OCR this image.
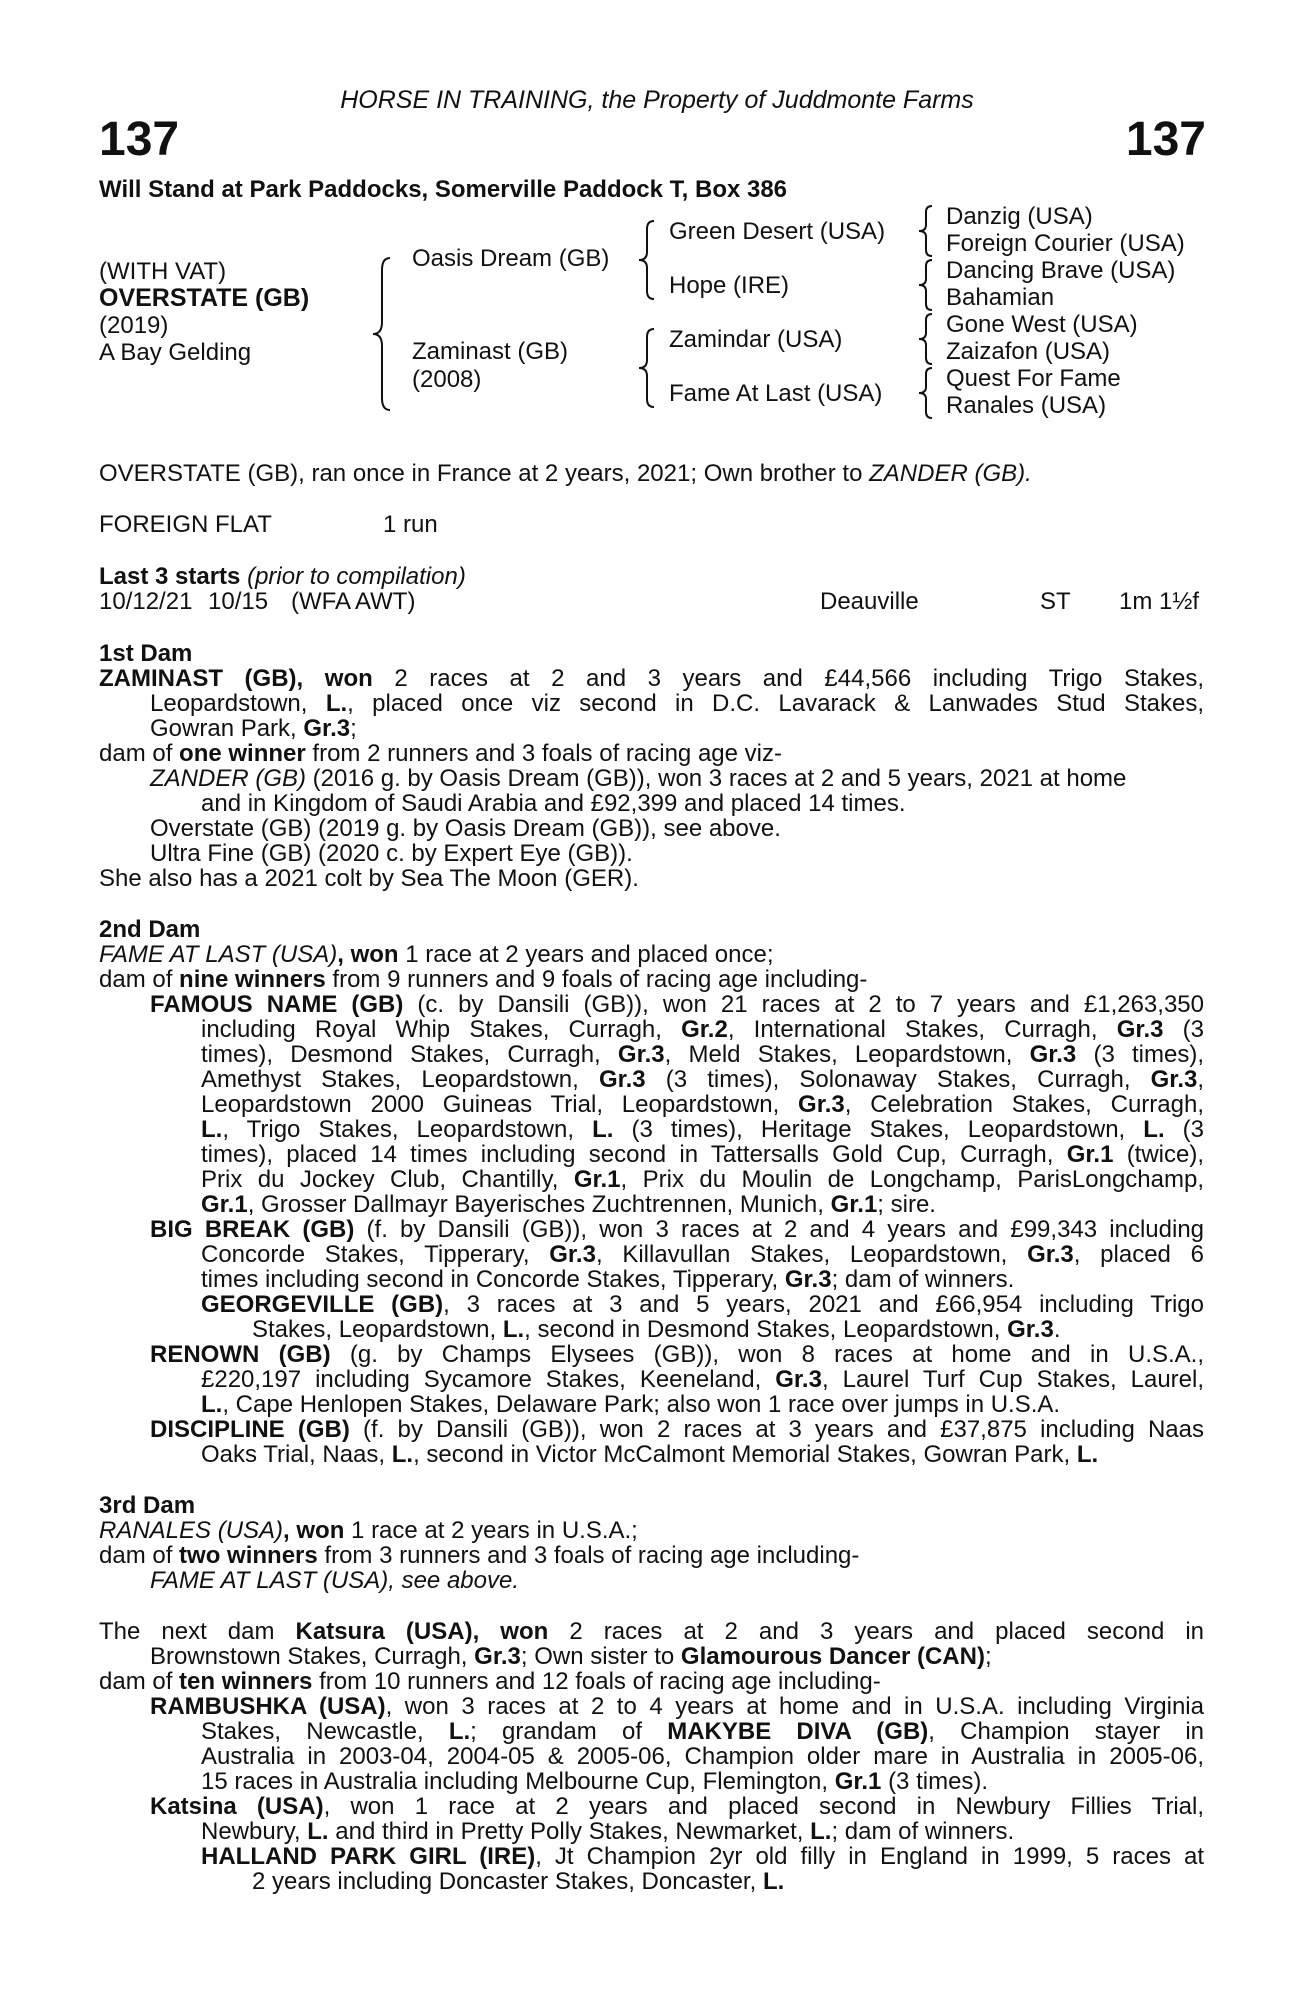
HORSE IN TRAINING, the Property of Juddmonte Farms
137	137
Will Stand at Park Paddocks, Somerville Paddock T, Box 386
(WITH VAT)
OVERSTATE (GB)
(2019)
A Bay Gelding
Oasis Dream (GB)
Zaminast (GB)
(2008)
Green Desert (USA)
Hope (IRE)
Zamindar (USA)
Fame At Last (USA)
Danzig (USA)
Foreign Courier (USA)
Dancing Brave (USA)
Bahamian
Gone West (USA)
Zaizafon (USA)
Quest For Fame
Ranales (USA)
OVERSTATE (GB), ran once in France at 2 years, 2021; Own brother to ZANDER (GB).
FOREIGN FLAT	1 run
Last 3 starts (prior to compilation)
10/12/21 10/15 (WFA AWT)	Deauville	ST 1m 1½f
1st Dam
ZAMINAST (GB), won 2 races at 2 and 3 years and £44,566 including Trigo Stakes,
Leopardstown, L., placed once viz second in D.C. Lavarack & Lanwades Stud Stakes,
Gowran Park, Gr.3;
dam of one winner from 2 runners and 3 foals of racing age viz-
ZANDER (GB) (2016 g. by Oasis Dream (GB)), won 3 races at 2 and 5 years, 2021 at home
and in Kingdom of Saudi Arabia and £92,399 and placed 14 times.
Overstate (GB) (2019 g. by Oasis Dream (GB)), see above.
Ultra Fine (GB) (2020 c. by Expert Eye (GB)).
She also has a 2021 colt by Sea The Moon (GER).
2nd Dam
FAME AT LAST (USA), won 1 race at 2 years and placed once;
dam of nine winners from 9 runners and 9 foals of racing age including-
FAMOUS NAME (GB) (c. by Dansili (GB)), won 21 races at 2 to 7 years and £1,263,350
including Royal Whip Stakes, Curragh, Gr.2, International Stakes, Curragh, Gr.3 (3
times), Desmond Stakes, Curragh, Gr.3, Meld Stakes, Leopardstown, Gr.3 (3 times),
Amethyst Stakes, Leopardstown, Gr.3 (3 times), Solonaway Stakes, Curragh, Gr.3,
Leopardstown 2000 Guineas Trial, Leopardstown, Gr.3, Celebration Stakes, Curragh,
L., Trigo Stakes, Leopardstown, L. (3 times), Heritage Stakes, Leopardstown, L. (3
times), placed 14 times including second in Tattersalls Gold Cup, Curragh, Gr.1 (twice),
Prix du Jockey Club, Chantilly, Gr.1, Prix du Moulin de Longchamp, ParisLongchamp,
Gr.1, Grosser Dallmayr Bayerisches Zuchtrennen, Munich, Gr.1; sire.
BIG BREAK (GB) (f. by Dansili (GB)), won 3 races at 2 and 4 years and £99,343 including
Concorde Stakes, Tipperary, Gr.3, Killavullan Stakes, Leopardstown, Gr.3, placed 6
times including second in Concorde Stakes, Tipperary, Gr.3; dam of winners.
GEORGEVILLE (GB), 3 races at 3 and 5 years, 2021 and £66,954 including Trigo
Stakes, Leopardstown, L., second in Desmond Stakes, Leopardstown, Gr.3.
RENOWN (GB) (g. by Champs Elysees (GB)), won 8 races at home and in U.S.A.,
£220,197 including Sycamore Stakes, Keeneland, Gr.3, Laurel Turf Cup Stakes, Laurel,
L., Cape Henlopen Stakes, Delaware Park; also won 1 race over jumps in U.S.A.
DISCIPLINE (GB) (f. by Dansili (GB)), won 2 races at 3 years and £37,875 including Naas
Oaks Trial, Naas, L., second in Victor McCalmont Memorial Stakes, Gowran Park, L.
3rd Dam
RANALES (USA), won 1 race at 2 years in U.S.A.;
dam of two winners from 3 runners and 3 foals of racing age including-
FAME AT LAST (USA), see above.
The next dam Katsura (USA), won 2 races at 2 and 3 years and placed second in
Brownstown Stakes, Curragh, Gr.3; Own sister to Glamourous Dancer (CAN);
dam of ten winners from 10 runners and 12 foals of racing age including-
RAMBUSHKA (USA), won 3 races at 2 to 4 years at home and in U.S.A. including Virginia
Stakes, Newcastle, L.; grandam of MAKYBE DIVA (GB), Champion stayer in
Australia in 2003-04, 2004-05 & 2005-06, Champion older mare in Australia in 2005-06,
15 races in Australia including Melbourne Cup, Flemington, Gr.1 (3 times).
Katsina (USA), won 1 race at 2 years and placed second in Newbury Fillies Trial,
Newbury, L. and third in Pretty Polly Stakes, Newmarket, L.; dam of winners.
HALLAND PARK GIRL (IRE), Jt Champion 2yr old filly in England in 1999, 5 races at
2 years including Doncaster Stakes, Doncaster, L.
